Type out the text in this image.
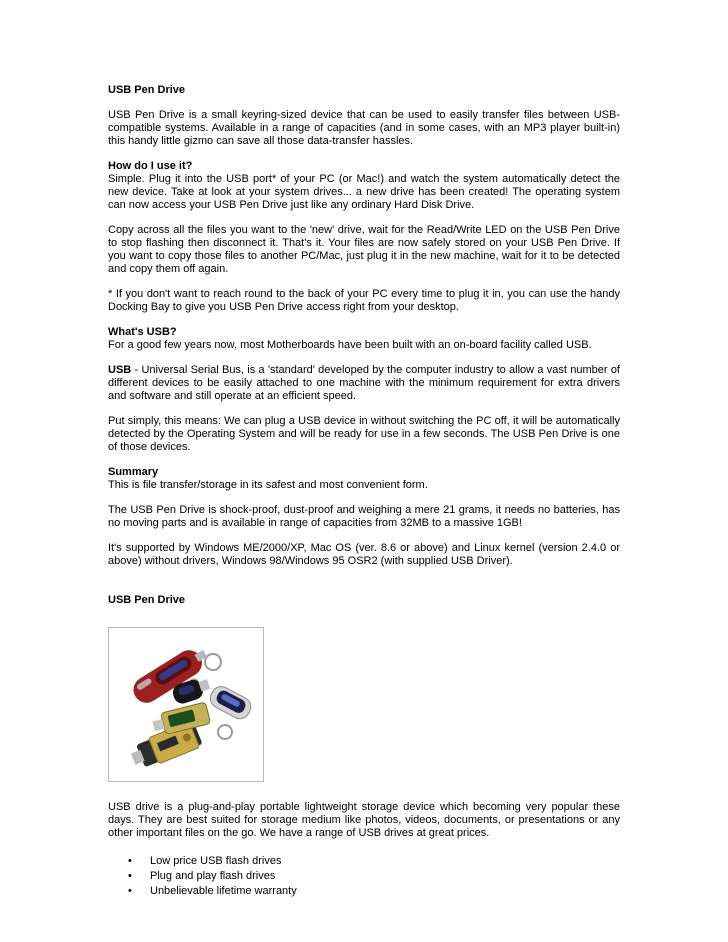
USB Pen Drive

USB Pen Drive is a small keyring-sized device that can be used to easily transfer files between USB-compatible systems. Available in a range of capacities (and in some cases, with an MP3 player built-in) this handy little gizmo can save all those data-transfer hassles.

How do I use it?

Simple. Plug it into the USB port* of your PC (or Mac!) and watch the system automatically detect the new device. Take at look at your system drives... a new drive has been created! The operating system can now access your USB Pen Drive just like any ordinary Hard Disk Drive.

Copy across all the files you want to the 'new' drive, wait for the Read/Write LED on the USB Pen Drive to stop flashing then disconnect it. That's it. Your files are now safely stored on your USB Pen Drive. If you want to copy those files to another PC/Mac, just plug it in the new machine, wait for it to be detected and copy them off again.

* If you don't want to reach round to the back of your PC every time to plug it in, you can use the handy Docking Bay to give you USB Pen Drive access right from your desktop.

What's USB?

For a good few years now, most Motherboards have been built with an on-board facility called USB.

USB - Universal Serial Bus, is a 'standard' developed by the computer industry to allow a vast number of different devices to be easily attached to one machine with the minimum requirement for extra drivers and software and still operate at an efficient speed.

Put simply, this means: We can plug a USB device in without switching the PC off, it will be automatically detected by the Operating System and will be ready for use in a few seconds. The USB Pen Drive is one of those devices.

Summary

This is file transfer/storage in its safest and most convenient form.

The USB Pen Drive is shock-proof, dust-proof and weighing a mere 21 grams, it needs no batteries, has no moving parts and is available in range of capacities from 32MB to a massive 1GB!

It's supported by Windows ME/2000/XP, Mac OS (ver. 8.6 or above) and Linux kernel (version 2.4.0 or above) without drivers, Windows 98/Windows 95 OSR2 (with supplied USB Driver).

USB Pen Drive

USB drive is a plug-and-play portable lightweight storage device which becoming very popular these days. They are best suited for storage medium like photos, videos, documents, or presentations or any other important files on the go. We have a range of USB drives at great prices.

• Low price USB flash drives
• Plug and play flash drives
• Unbelievable lifetime warranty
